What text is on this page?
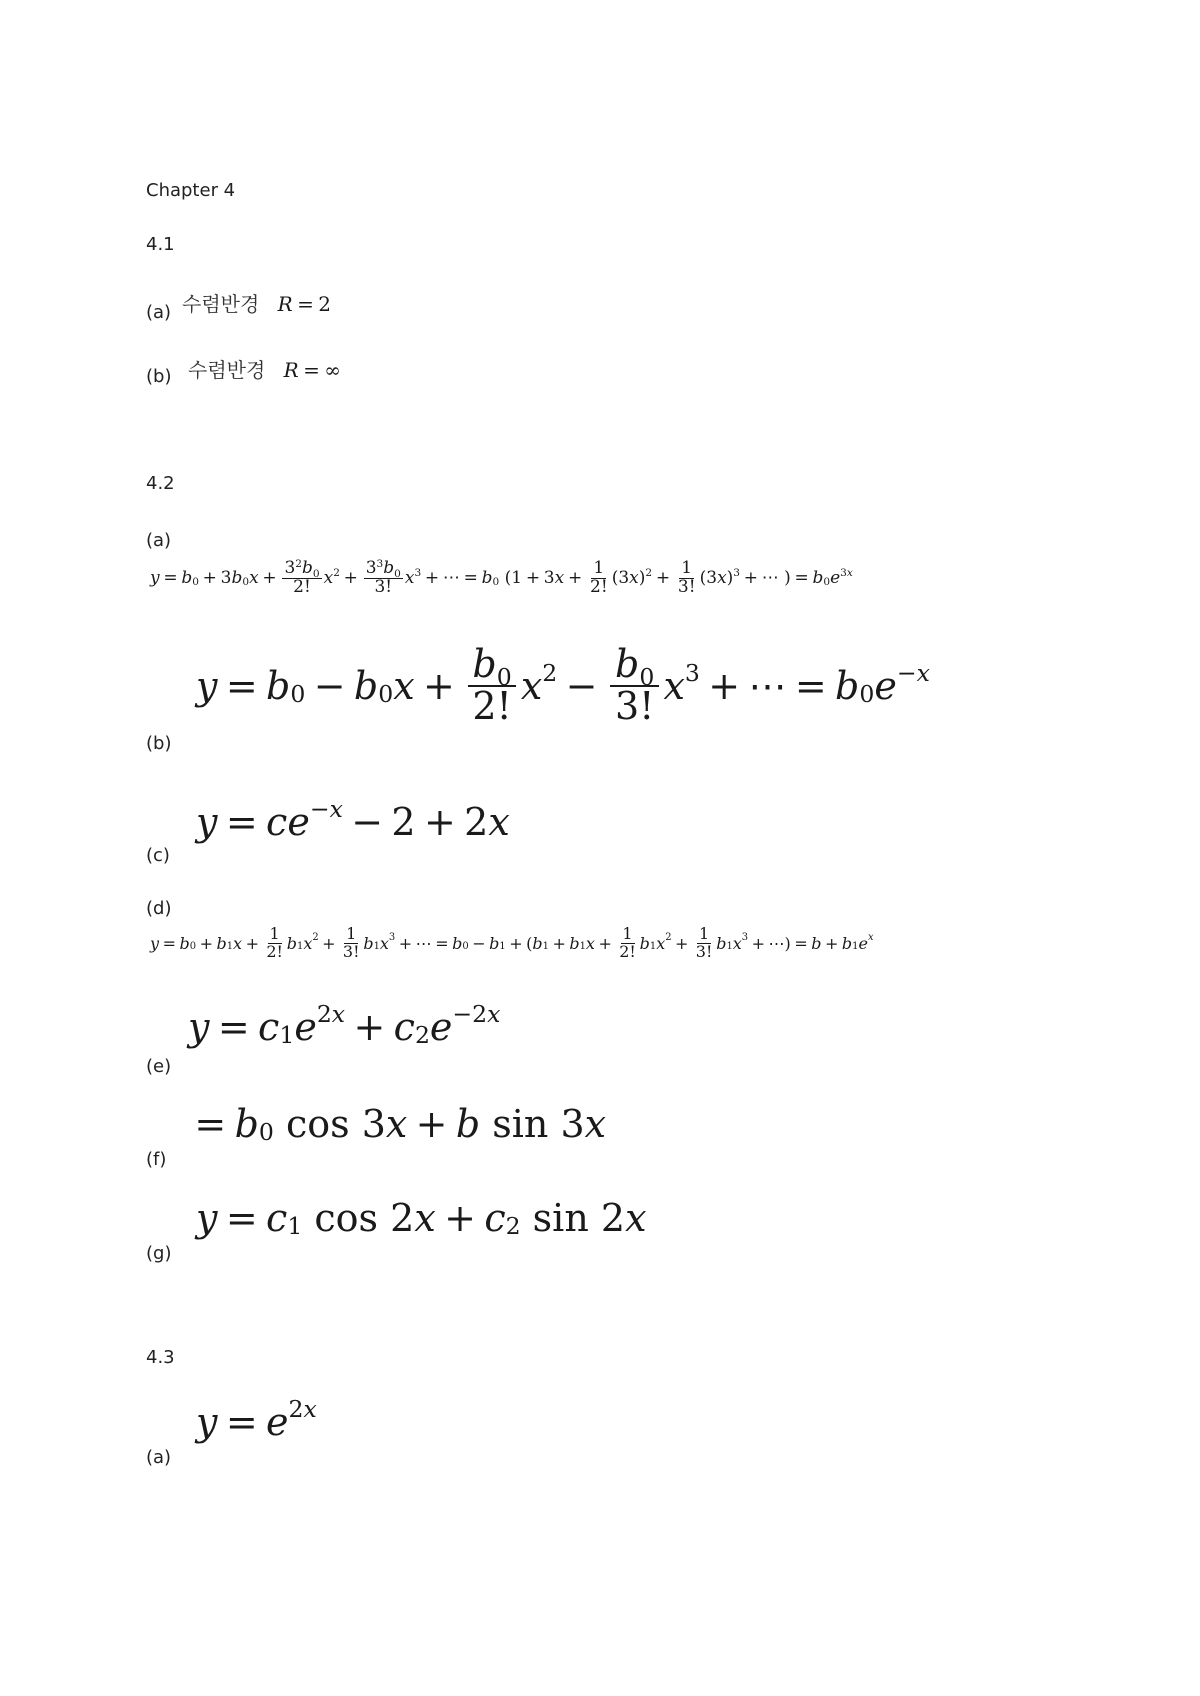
Chapter 4
4.1
(a) 수렴반경 R = 2
(b) 수렴반경 R = ∞
4.2
(a)
$y = b_0 + 3$ $b_0$ $x + \frac{3^2b_0}{2!} x^2 + \frac{3^3b_0}{3!} x^3$ + ⋯ = $b_0$ (1 + 3 $x + \frac{1}{2!} (3$ x )$^2 + \frac{1}{3!} (3$ x )$^3$ + ⋯ ) = $b_0$ $e^{3x}$
(b)
$y = b_0 - b_0$ $x + \frac{b_0}{2!} x^2 - \frac{b_0}{3!} x^3$ + ⋯ = $b_0$ $e^{-x}$
(c)
y = c $e^{-x} - 2 + 2$ x
(d)
$y = b_0 + b_1$ $x + \frac{1}{2!} b_1$ $x^2 + \frac{1}{3!} b_1$ $x^3$ + ⋯ = $b_0 - b_1$ + ( $b_1 + b_1$ $x + \frac{1}{2!} b_1$ $x^2 + \frac{1}{3!} b_1$ $x^3$ + ⋯) = $b + b_1$ e $^x$
(e)
$y = c_1$ $e^{2x} + c_2$ $e^{-2x}$
(f)
= $b_0$ cos 3 x + b sin 3 x
(g)
$y = c_1$ cos 2 $x + c_2$ sin 2 x
4.3
(a)
$y = e^{2x}$
